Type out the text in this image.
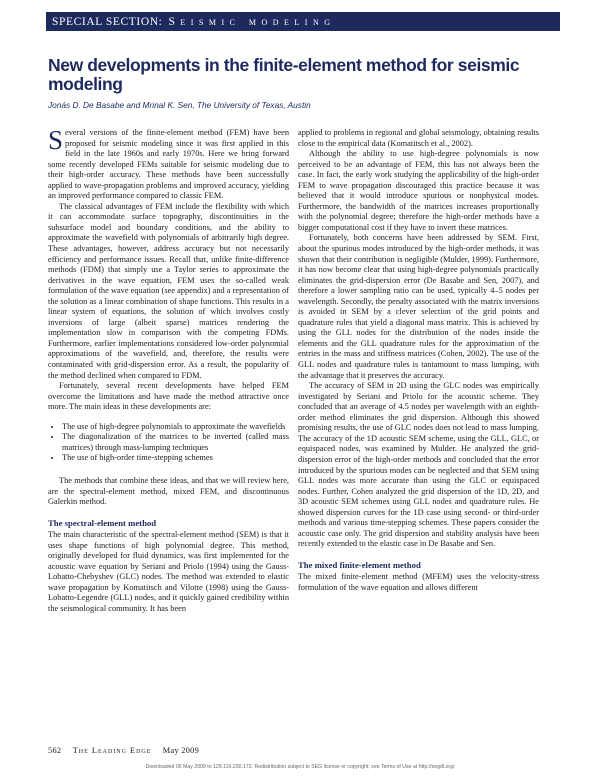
SPECIAL SECTION: Seismic modeling
New developments in the finite-element method for seismic modeling
Jonás D. De Basabe and Mrinal K. Sen, The University of Texas, Austin

Several versions of the finite-element method (FEM) have been proposed for seismic modeling since it was first applied in this field in the late 1960s and early 1970s. Here we bring forward some recently developed FEMs suitable for seismic modeling due to their high-order accuracy. These methods have been successfully applied to wave-propagation problems and improved accuracy, yielding an improved performance compared to classic FEM.

The classical advantages of FEM include the flexibility with which it can accommodate surface topography, discontinuities in the subsurface model and boundary conditions, and the ability to approximate the wavefield with polynomials of arbitrarily high degree. These advantages, however, address accuracy but not necessarily efficiency and performance issues. Recall that, unlike finite-difference methods (FDM) that simply use a Taylor series to approximate the derivatives in the wave equation, FEM uses the so-called weak formulation of the wave equation (see appendix) and a representation of the solution as a linear combination of shape functions. This results in a linear system of equations, the solution of which involves costly inversions of large (albeit sparse) matrices rendering the implementation slow in comparison with the competing FDMs. Furthermore, earlier implementations considered low-order polynomial approximations of the wavefield, and, therefore, the results were contaminated with grid-dispersion error. As a result, the popularity of the method declined when compared to FDM.

Fortunately, several recent developments have helped FEM overcome the limitations and have made the method attractive once more. The main ideas in these developments are:

• The use of high-degree polynomials to approximate the wavefields
• The diagonalization of the matrices to be inverted (called mass matrices) through mass-lumping techniques
• The use of high-order time-stepping schemes

The methods that combine these ideas, and that we will review here, are the spectral-element method, mixed FEM, and discontinuous Galerkin method.

The spectral-element method

The main characteristic of the spectral-element method (SEM) is that it uses shape functions of high polynomial degree. This method, originally developed for fluid dynamics, was first implemented for the acoustic wave equation by Seriani and Priolo (1994) using the Gauss-Lobatto-Chebyshev (GLC) nodes. The method was extended to elastic wave propagation by Komatitsch and Vilotte (1998) using the Gauss-Lobatto-Legendre (GLL) nodes, and it quickly gained credibility within the seismological community. It has been

applied to problems in regional and global seismology, obtaining results close to the empirical data (Komatitsch et al., 2002).

Although the ability to use high-degree polynomials is now perceived to be an advantage of FEM, this has not always been the case. In fact, the early work studying the applicability of the high-order FEM to wave propagation discouraged this practice because it was believed that it would introduce spurious or nonphysical modes. Furthermore, the bandwidth of the matrices increases proportionally with the polynomial degree; therefore the high-order methods have a bigger computational cost if they have to invert these matrices.

Fortunately, both concerns have been addressed by SEM. First, about the spurious modes introduced by the high-order methods, it was shown that their contribution is negligible (Mulder, 1999). Furthermore, it has now become clear that using high-degree polynomials practically eliminates the grid-dispersion error (De Basabe and Sen, 2007), and therefore a lower sampling ratio can be used, typically 4–5 nodes per wavelength. Secondly, the penalty associated with the matrix inversions is avoided in SEM by a clever selection of the grid points and quadrature rules that yield a diagonal mass matrix. This is achieved by using the GLL nodes for the distribution of the nodes inside the elements and the GLL quadrature rules for the approximation of the entries in the mass and stiffness matrices (Cohen, 2002). The use of the GLL nodes and quadrature rules is tantamount to mass lumping, with the advantage that it preserves the accuracy.

The accuracy of SEM in 2D using the GLC nodes was empirically investigated by Seriani and Priolo for the acoustic scheme. They concluded that an average of 4.5 nodes per wavelength with an eighth-order method eliminates the grid dispersion. Although this showed promising results, the use of GLC nodes does not lead to mass lumping. The accuracy of the 1D acoustic SEM scheme, using the GLL, GLC, or equispaced nodes, was examined by Mulder. He analyzed the grid-dispersion error of the high-order methods and concluded that the error introduced by the spurious modes can be neglected and that SEM using GLL nodes was more accurate than using the GLC or equispaced nodes. Further, Cohen analyzed the grid dispersion of the 1D, 2D, and 3D acoustic SEM schemes using GLL nodes and quadrature rules. He showed dispersion curves for the 1D case using second- or third-order methods and various time-stepping schemes. These papers consider the acoustic case only. The grid dispersion and stability analysis have been recently extended to the elastic case in De Basabe and Sen.

The mixed finite-element method

The mixed finite-element method (MFEM) uses the velocity-stress formulation of the wave equation and allows different

562 The Leading Edge May 2009
Downloaded 06 May 2009 to 129.116.230.172. Redistribution subject to SEG license or copyright; see Terms of Use at http://segdl.org/
